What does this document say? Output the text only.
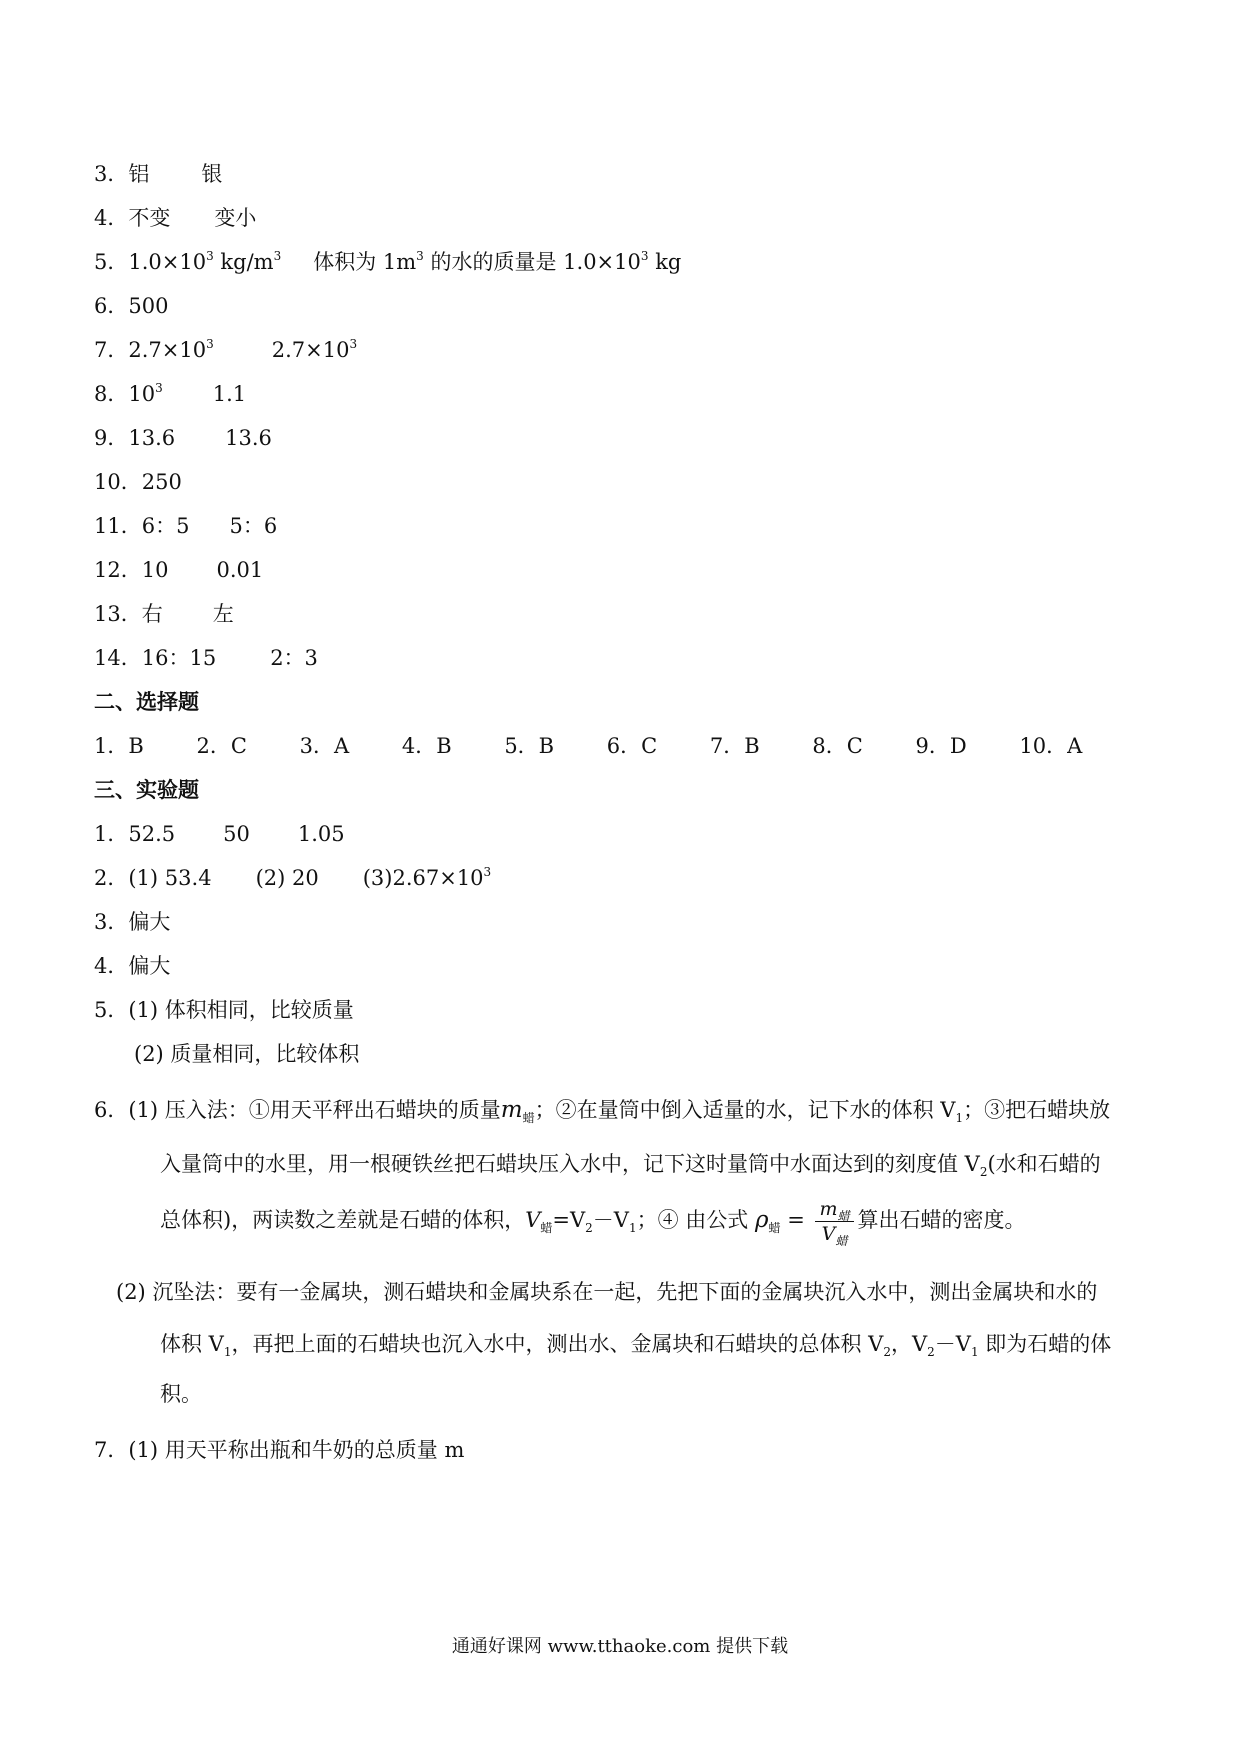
3．铝 银
4．不变 变小
5．$1.0\times 10^3$ $kg/m^3$ 体积为 $1m^3$ 的水的质量是 $1.0\times 10^3$ kg
6．500
7．$2.7\times 10^3$	$2.7\times 10^3$
8．$10^3$ 1.1
9．13.6 13.6
10．250
11．6：5 5：6
12．10 0.01
13．右 左
14．16：15	2：3
二、选择题
1．B	2．C	3．A	4．B	5．B	6．C	7．B	8．C	9．D	10．A
三、实验题
1．52.5 50 1.05
2．(1) 53.4 (2) 20 $(3)2.67\times 10^3$
3．偏大
4．偏大
5．(1) 体积相同，比较质量
(2) 质量相同，比较体积
6．(1) 压入法：①用天平秤出石蜡块的质量$m_蜡$；②在量筒中倒入适量的水，记下水的体积 $V_1$；③把石蜡块放
入量筒中的水里，用一根硬铁丝把石蜡块压入水中，记下这时量筒中水面达到的刻度值 $V_2$(水和石蜡的
总体积)，两读数之差就是石蜡的体积，$V_蜡=V_2-V_1$；④ 由公式 $\rho_蜡 = \frac{m_蜡}{V_蜡}$ 算出石蜡的密度。
(2) 沉坠法：要有一金属块，测石蜡块和金属块系在一起，先把下面的金属块沉入水中，测出金属块和水的
体积 $V_1$，再把上面的石蜡块也沉入水中，测出水、金属块和石蜡块的总体积 $V_2$，$V_2-V_1$ 即为石蜡的体
积。
7．(1) 用天平称出瓶和牛奶的总质量 m
通通好课网 www.tthaoke.com 提供下载
